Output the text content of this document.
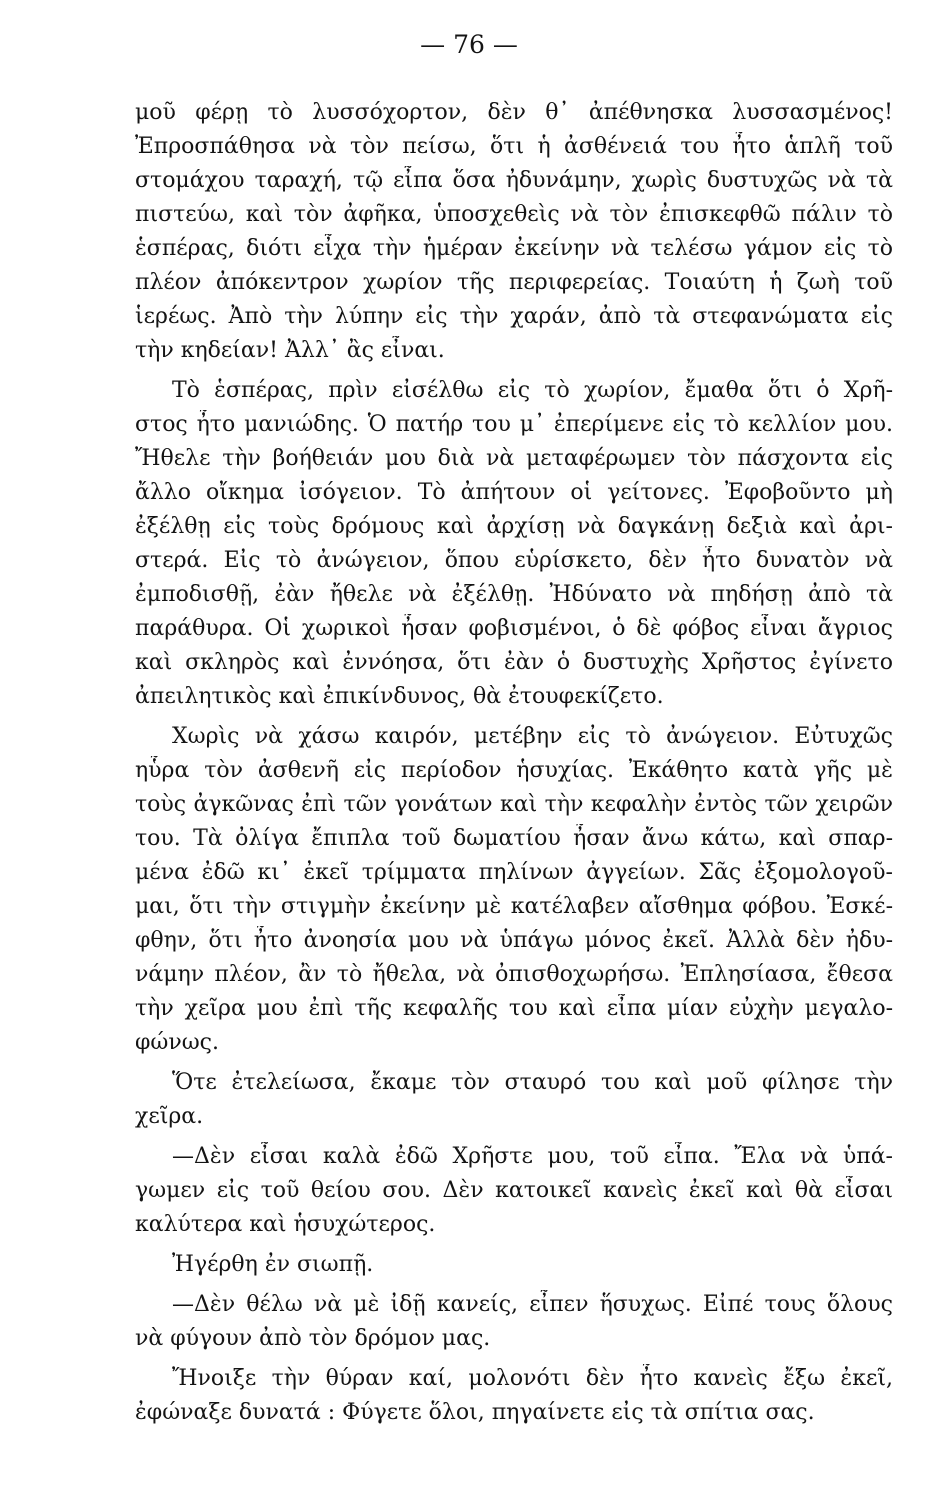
— 76 —

μοῦ φέρῃ τὸ λυσσόχορτον, δὲν θ᾽ ἀπέθνησκα λυσσασμένος!

Ἐπροσπάθησα νὰ τὸν πείσω, ὅτι ἡ ἀσθένειά του ἦτο ἁπλῆ τοῦ

στομάχου ταραχή, τῷ εἶπα ὅσα ἠδυνάμην, χωρὶς δυστυχῶς νὰ τὰ

πιστεύω, καὶ τὸν ἀφῆκα, ὑποσχεθεὶς νὰ τὸν ἐπισκεφθῶ πάλιν τὸ

ἑσπέρας, διότι εἶχα τὴν ἡμέραν ἐκείνην νὰ τελέσω γάμον εἰς τὸ

πλέον ἀπόκεντρον χωρίον τῆς περιφερείας. Τοιαύτη ἡ ζωὴ τοῦ

ἱερέως. Ἀπὸ τὴν λύπην εἰς τὴν χαράν, ἀπὸ τὰ στεφανώματα εἰς

τὴν κηδείαν! Ἀλλ᾽ ἂς εἶναι.

Τὸ ἑσπέρας, πρὶν εἰσέλθω εἰς τὸ χωρίον, ἔμαθα ὅτι ὁ Χρῆ-

στος ἦτο μανιώδης. Ὁ πατήρ του μ᾽ ἐπερίμενε εἰς τὸ κελλίον μου.

Ἤθελε τὴν βοήθειάν μου διὰ νὰ μεταφέρωμεν τὸν πάσχοντα εἰς

ἄλλο οἴκημα ἰσόγειον. Τὸ ἀπήτουν οἱ γείτονες. Ἐφοβοῦντο μὴ

ἐξέλθῃ εἰς τοὺς δρόμους καὶ ἀρχίσῃ νὰ δαγκάνῃ δεξιὰ καὶ ἀρι-

στερά. Εἰς τὸ ἀνώγειον, ὅπου εὑρίσκετο, δὲν ἦτο δυνατὸν νὰ

ἐμποδισθῇ, ἐὰν ἤθελε νὰ ἐξέλθῃ. Ἠδύνατο νὰ πηδήσῃ ἀπὸ τὰ

παράθυρα. Οἱ χωρικοὶ ἦσαν φοβισμένοι, ὁ δὲ φόβος εἶναι ἄγριος

καὶ σκληρὸς καὶ ἐννόησα, ὅτι ἐὰν ὁ δυστυχὴς Χρῆστος ἐγίνετο

ἀπειλητικὸς καὶ ἐπικίνδυνος, θὰ ἐτουφεκίζετο.

Χωρὶς νὰ χάσω καιρόν, μετέβην εἰς τὸ ἀνώγειον. Εὐτυχῶς

ηὗρα τὸν ἀσθενῆ εἰς περίοδον ἡσυχίας. Ἐκάθητο κατὰ γῆς μὲ

τοὺς ἀγκῶνας ἐπὶ τῶν γονάτων καὶ τὴν κεφαλὴν ἐντὸς τῶν χειρῶν

του. Τὰ ὀλίγα ἔπιπλα τοῦ δωματίου ἦσαν ἄνω κάτω, καὶ σπαρ-

μένα ἐδῶ κι᾽ ἐκεῖ τρίμματα πηλίνων ἀγγείων. Σᾶς ἐξομολογοῦ-

μαι, ὅτι τὴν στιγμὴν ἐκείνην μὲ κατέλαβεν αἴσθημα φόβου. Ἐσκέ-

φθην, ὅτι ἦτο ἀνοησία μου νὰ ὑπάγω μόνος ἐκεῖ. Ἀλλὰ δὲν ἠδυ-

νάμην πλέον, ἂν τὸ ἤθελα, νὰ ὀπισθοχωρήσω. Ἐπλησίασα, ἔθεσα

τὴν χεῖρα μου ἐπὶ τῆς κεφαλῆς του καὶ εἶπα μίαν εὐχὴν μεγαλο-

φώνως.

Ὅτε ἐτελείωσα, ἔκαμε τὸν σταυρό του καὶ μοῦ φίλησε τὴν

χεῖρα.

—Δὲν εἶσαι καλὰ ἐδῶ Χρῆστε μου, τοῦ εἶπα. Ἔλα νὰ ὑπά-

γωμεν εἰς τοῦ θείου σου. Δὲν κατοικεῖ κανεὶς ἐκεῖ καὶ θὰ εἶσαι

καλύτερα καὶ ἡσυχώτερος.

Ἠγέρθη ἐν σιωπῇ.

—Δὲν θέλω νὰ μὲ ἰδῇ κανείς, εἶπεν ἥσυχως. Εἰπέ τους ὅλους

νὰ φύγουν ἀπὸ τὸν δρόμον μας.

Ἤνοιξε τὴν θύραν καί, μολονότι δὲν ἦτο κανεὶς ἔξω ἐκεῖ,

ἐφώναξε δυνατά : Φύγετε ὅλοι, πηγαίνετε εἰς τὰ σπίτια σας.
